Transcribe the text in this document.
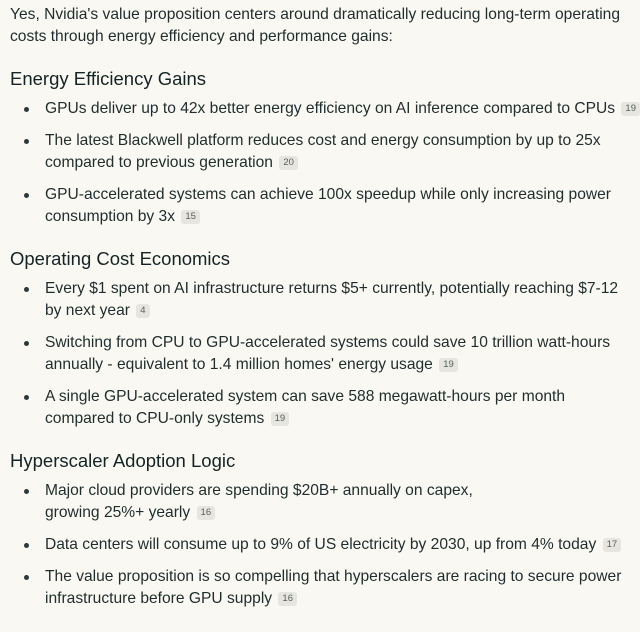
Yes, Nvidia's value proposition centers around dramatically reducing long-term operating costs through energy efficiency and performance gains:

Energy Efficiency Gains
GPUs deliver up to 42x better energy efficiency on AI inference compared to CPUs 19
The latest Blackwell platform reduces cost and energy consumption by up to 25x compared to previous generation 20
GPU-accelerated systems can achieve 100x speedup while only increasing power consumption by 3x 15
Operating Cost Economics
Every $1 spent on AI infrastructure returns $5+ currently, potentially reaching $7-12 by next year 4
Switching from CPU to GPU-accelerated systems could save 10 trillion watt-hours annually - equivalent to 1.4 million homes' energy usage 19
A single GPU-accelerated system can save 588 megawatt-hours per month compared to CPU-only systems 19
Hyperscaler Adoption Logic
Major cloud providers are spending $20B+ annually on capex, growing 25%+ yearly 16
Data centers will consume up to 9% of US electricity by 2030, up from 4% today 17
The value proposition is so compelling that hyperscalers are racing to secure power infrastructure before GPU supply 16
